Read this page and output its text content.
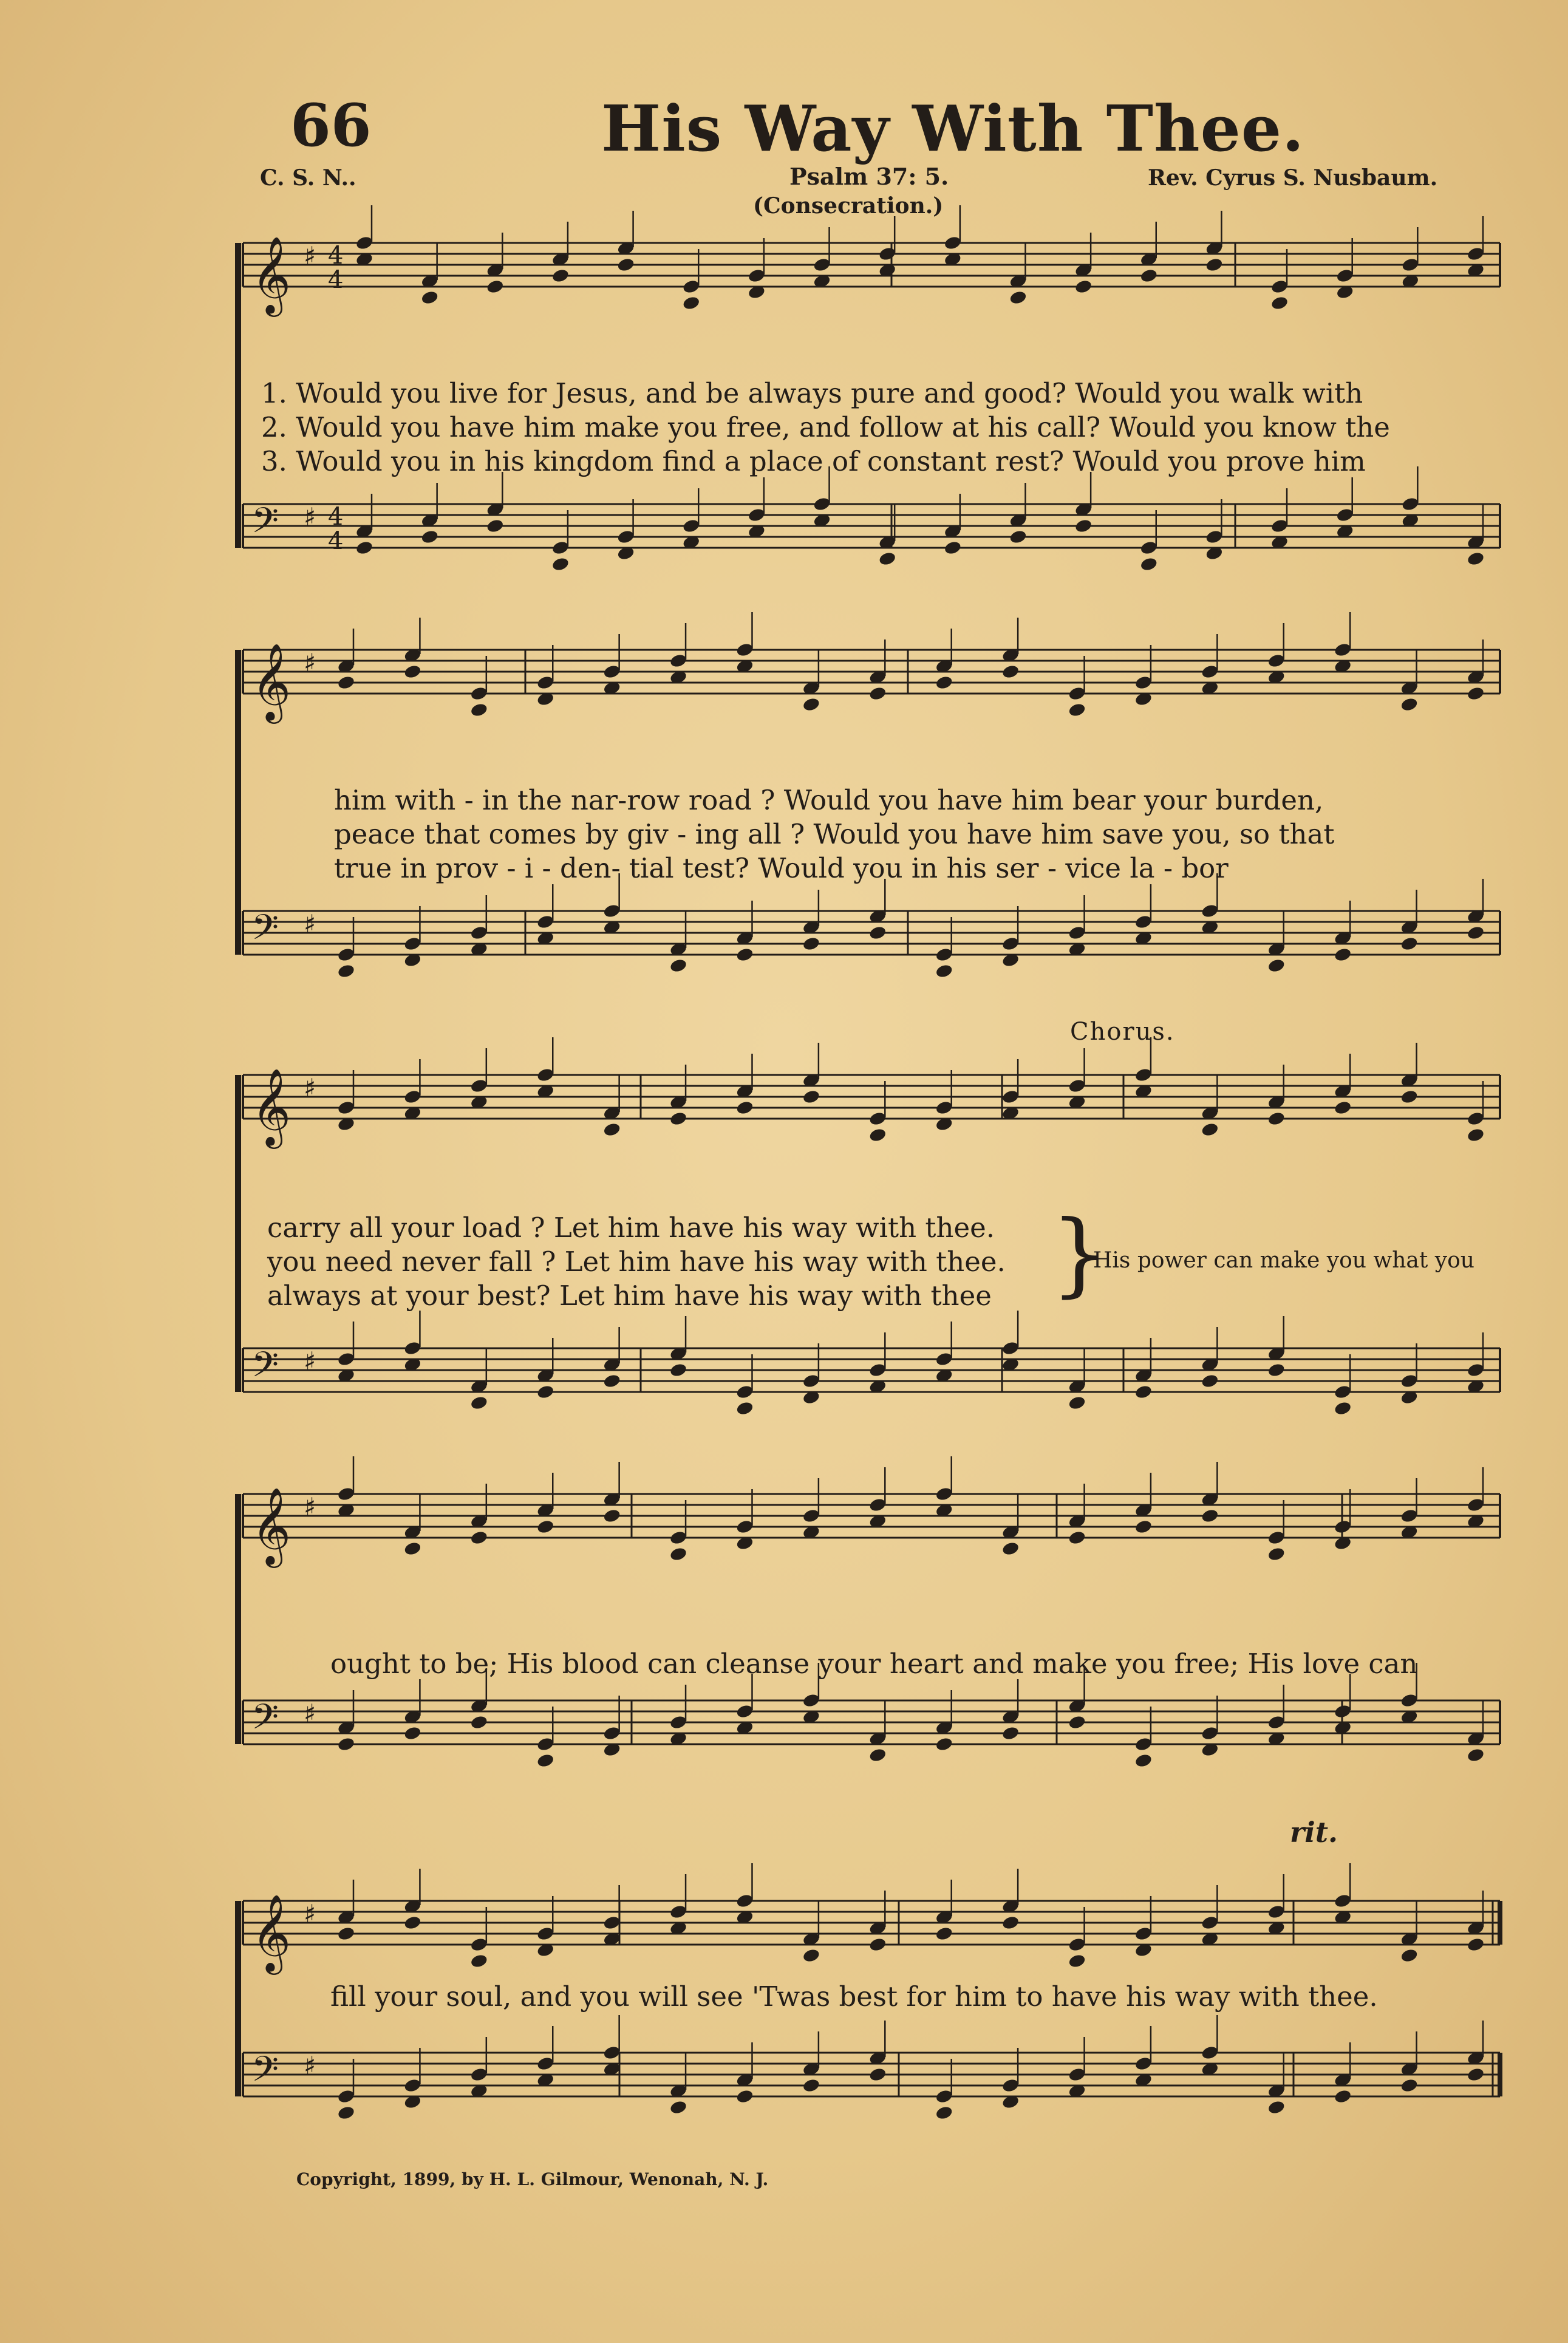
66	His Way With Thee.
C. S. N..	Psalm 37: 5.
(Consecration.)
Rev. Cyrus S. Nusbaum.
𝄞 ♯ 4
4
𝄢 ♯ 4
4
𝄞 ♯
𝄢 ♯
𝄞 ♯
𝄢 ♯
𝄞 ♯
𝄢 ♯
𝄞 ♯
𝄢 ♯
1. Would you live for Jesus, and be always pure and good? Would you walk with
2. Would you have him make you free, and follow at his call? Would you know the
3. Would you in his kingdom find a place of constant rest? Would you prove him
him with - in the nar-row road ? Would you have him bear your burden,
peace that comes by giv - ing all ? Would you have him save you, so that
true in prov - i - den- tial test? Would you in his ser - vice la - bor
Chorus.
carry all your load ? Let him have his way with thee.
you need never fall ? Let him have his way with thee.
always at your best? Let him have his way with thee }
His power can make you what you
ought to be; His blood can cleanse your heart and make you free; His love can
rit.
fill your soul, and you will see 'Twas best for him to have his way with thee.
Copyright, 1899, by H. L. Gilmour, Wenonah, N. J.
